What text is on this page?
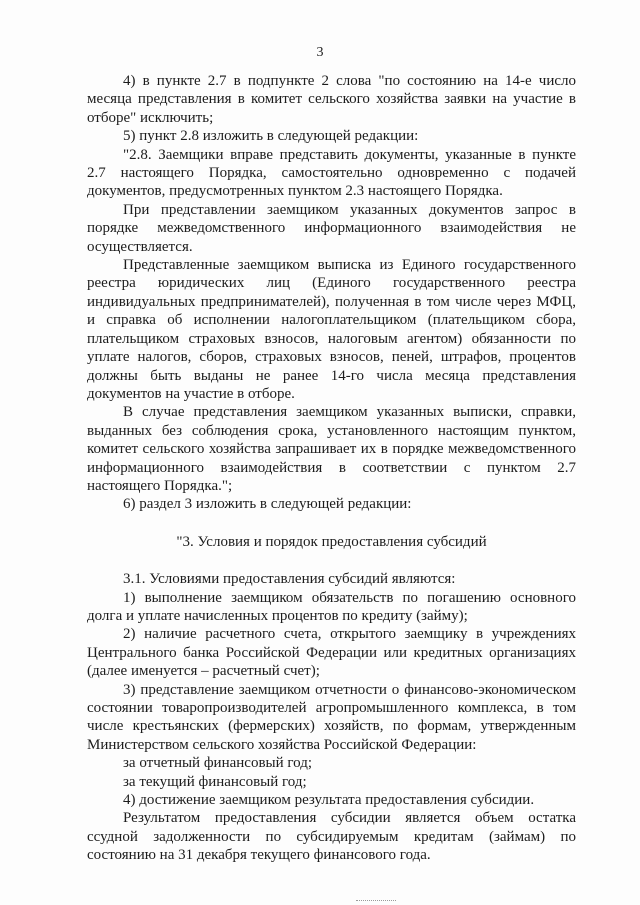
3

4) в пункте 2.7 в подпункте 2 слова "по состоянию на 14-е число месяца представления в комитет сельского хозяйства заявки на участие в отборе" исключить;

5) пункт 2.8 изложить в следующей редакции:

"2.8. Заемщики вправе представить документы, указанные в пункте 2.7 настоящего Порядка, самостоятельно одновременно с подачей документов, предусмотренных пунктом 2.3 настоящего Порядка.

При представлении заемщиком указанных документов запрос в порядке межведомственного информационного взаимодействия не осуществляется.

Представленные заемщиком выписка из Единого государственного реестра юридических лиц (Единого государственного реестра индивидуальных предпринимателей), полученная в том числе через МФЦ, и справка об исполнении налогоплательщиком (плательщиком сбора, плательщиком страховых взносов, налоговым агентом) обязанности по уплате налогов, сборов, страховых взносов, пеней, штрафов, процентов должны быть выданы не ранее 14-го числа месяца представления документов на участие в отборе.

В случае представления заемщиком указанных выписки, справки, выданных без соблюдения срока, установленного настоящим пунктом, комитет сельского хозяйства запрашивает их в порядке межведомственного информационного взаимодействия в соответствии с пунктом 2.7 настоящего Порядка.";

6) раздел 3 изложить в следующей редакции:

"3. Условия и порядок предоставления субсидий

3.1. Условиями предоставления субсидий являются:

1) выполнение заемщиком обязательств по погашению основного долга и уплате начисленных процентов по кредиту (займу);

2) наличие расчетного счета, открытого заемщику в учреждениях Центрального банка Российской Федерации или кредитных организациях (далее именуется – расчетный счет);

3) представление заемщиком отчетности о финансово-экономическом состоянии товаропроизводителей агропромышленного комплекса, в том числе крестьянских (фермерских) хозяйств, по формам, утвержденным Министерством сельского хозяйства Российской Федерации:

за отчетный финансовый год;

за текущий финансовый год;

4) достижение заемщиком результата предоставления субсидии.

Результатом предоставления субсидии является объем остатка ссудной задолженности по субсидируемым кредитам (займам) по состоянию на 31 декабря текущего финансового года.
